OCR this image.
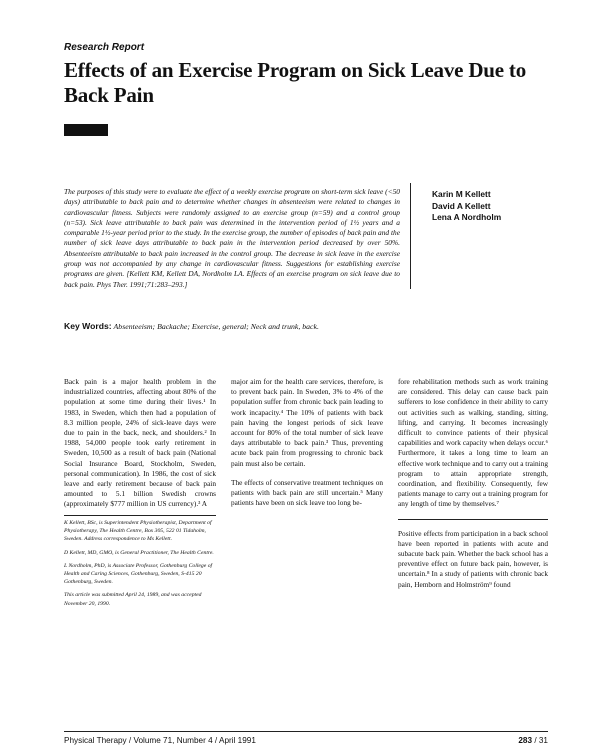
Research Report
Effects of an Exercise Program on Sick Leave Due to Back Pain
The purposes of this study were to evaluate the effect of a weekly exercise program on short-term sick leave (<50 days) attributable to back pain and to determine whether changes in absenteeism were related to changes in cardiovascular fitness. Subjects were randomly assigned to an exercise group (n=59) and a control group (n=53). Sick leave attributable to back pain was determined in the intervention period of 1½ years and a comparable 1½-year period prior to the study. In the exercise group, the number of episodes of back pain and the number of sick leave days attributable to back pain in the intervention period decreased by over 50%. Absenteeism attributable to back pain increased in the control group. The decrease in sick leave in the exercise group was not accompanied by any change in cardiovascular fitness. Suggestions for establishing exercise programs are given. [Kellett KM, Kellett DA, Nordholm LA. Effects of an exercise program on sick leave due to back pain. Phys Ther. 1991;71:283–293.]
Karin M Kellett
David A Kellett
Lena A Nordholm
Key Words: Absenteeism; Backache; Exercise, general; Neck and trunk, back.

Back pain is a major health problem in the industrialized countries, affecting about 80% of the population at some time during their lives.¹ In 1983, in Sweden, which then had a population of 8.3 million people, 24% of sick-leave days were due to pain in the back, neck, and shoulders.² In 1988, 54,000 people took early retirement in Sweden, 10,500 as a result of back pain (National Social Insurance Board, Stockholm, Sweden, personal communication). In 1986, the cost of sick leave and early retirement because of back pain amounted to 5.1 billion Swedish crowns (approximately $777 million in US currency).³ A

K Kellett, BSc, is Superintendent Physiotherapist, Department of Physiotherapy, The Health Centre, Box 305, 522 01 Tidaholm, Sweden. Address correspondence to Ms Kellett.
D Kellett, MD, GMO, is General Practitioner, The Health Centre.
L Nordholm, PhD, is Associate Professor, Gothenburg College of Health and Caring Sciences, Gothenburg, Sweden, S-415 20 Gothenburg, Sweden.
This article was submitted April 24, 1989, and was accepted November 20, 1990.

major aim for the health care services, therefore, is to prevent back pain. In Sweden, 3% to 4% of the population suffer from chronic back pain leading to work incapacity.⁴ The 10% of patients with back pain having the longest periods of sick leave account for 80% of the total number of sick leave days attributable to back pain.³ Thus, preventing acute back pain from progressing to chronic back pain must also be certain.

The effects of conservative treatment techniques on patients with back pain are still uncertain.⁵ Many patients have been on sick leave too long be-

fore rehabilitation methods such as work training are considered. This delay can cause back pain sufferers to lose confidence in their ability to carry out activities such as walking, standing, sitting, lifting, and carrying. It becomes increasingly difficult to convince patients of their physical capabilities and work capacity when delays occur.⁶ Furthermore, it takes a long time to learn an effective work technique and to carry out a training program to attain appropriate strength, coordination, and flexibility. Consequently, few patients manage to carry out a training program for any length of time by themselves.⁷

Positive effects from participation in a back school have been reported in patients with acute and subacute back pain. Whether the back school has a preventive effect on future back pain, however, is uncertain.⁸ In a study of patients with chronic back pain, Hemborn and Holmström⁹ found

Physical Therapy / Volume 71, Number 4 / April 1991	283 / 31
